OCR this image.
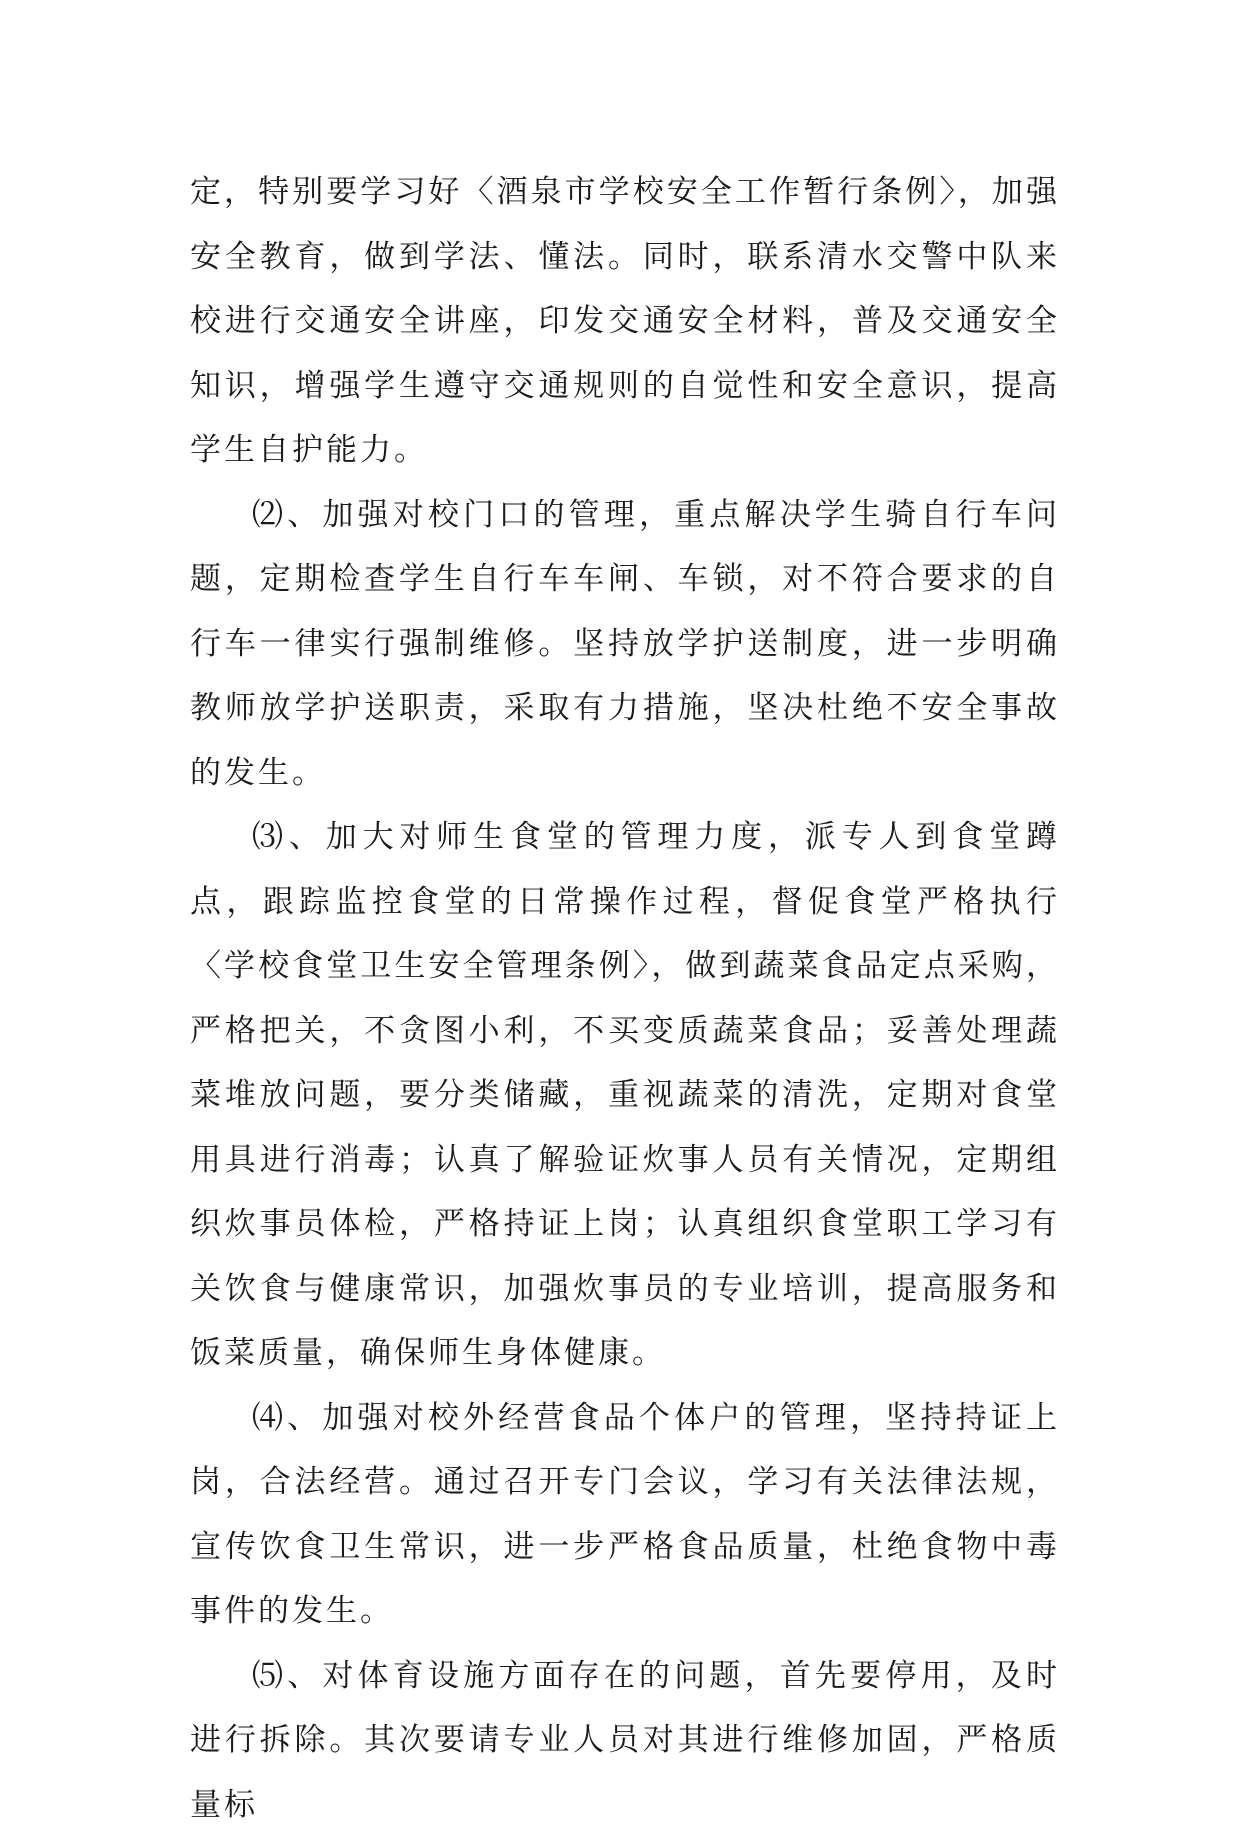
定，特别要学习好〈酒泉市学校安全工作暂行条例〉，加强安全教育，做到学法、懂法。同时，联系清水交警中队来校进行交通安全讲座，印发交通安全材料，普及交通安全知识，增强学生遵守交通规则的自觉性和安全意识，提高学生自护能力。

⑵、加强对校门口的管理，重点解决学生骑自行车问题，定期检查学生自行车车闸、车锁，对不符合要求的自行车一律实行强制维修。坚持放学护送制度，进一步明确教师放学护送职责，采取有力措施，坚决杜绝不安全事故的发生。

⑶、加大对师生食堂的管理力度，派专人到食堂蹲点，跟踪监控食堂的日常操作过程，督促食堂严格执行〈学校食堂卫生安全管理条例〉，做到蔬菜食品定点采购，严格把关，不贪图小利，不买变质蔬菜食品；妥善处理蔬菜堆放问题，要分类储藏，重视蔬菜的清洗，定期对食堂用具进行消毒；认真了解验证炊事人员有关情况，定期组织炊事员体检，严格持证上岗；认真组织食堂职工学习有关饮食与健康常识，加强炊事员的专业培训，提高服务和饭菜质量，确保师生身体健康。

⑷、加强对校外经营食品个体户的管理，坚持持证上岗，合法经营。通过召开专门会议，学习有关法律法规，宣传饮食卫生常识，进一步严格食品质量，杜绝食物中毒事件的发生。

⑸、对体育设施方面存在的问题，首先要停用，及时进行拆除。其次要请专业人员对其进行维修加固，严格质量标
